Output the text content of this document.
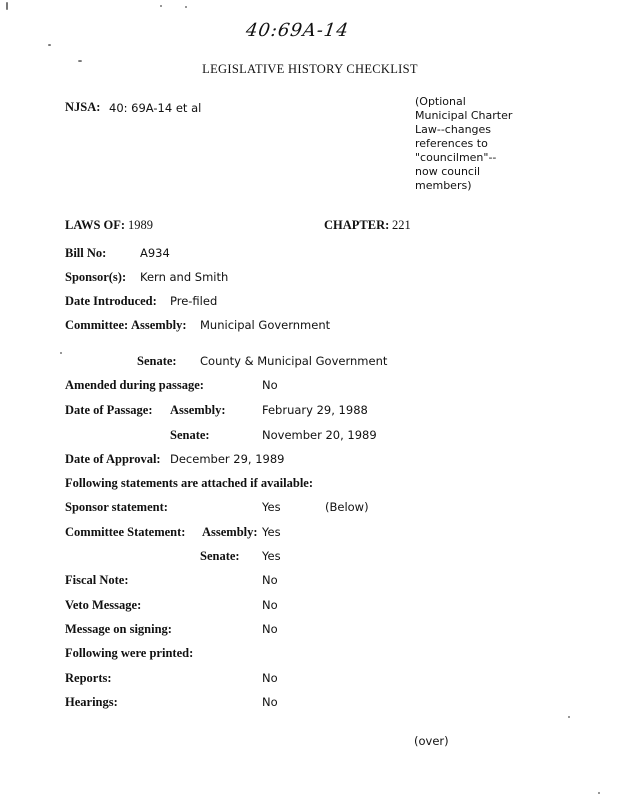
40:69A-14
LEGISLATIVE HISTORY CHECKLIST
NJSA: 40: 69A-14 et al	(Optional
Municipal Charter
Law--changes
references to
"councilmen"--
now council
members)
LAWS OF: 1989	CHAPTER: 221
Bill No:	A934
Sponsor(s): Kern and Smith
Date Introduced: Pre-filed
Committee: Assembly: Municipal Government
Senate: County & Municipal Government
Amended during passage:	No
Date of Passage: Assembly:	February 29, 1988
Senate:	November 20, 1989
Date of Approval: December 29, 1989
Following statements are attached if available:
Sponsor statement:	Yes	(Below)
Committee Statement: Assembly: Yes
Senate: Yes
Fiscal Note:	No
Veto Message:	No
Message on signing:	No
Following were printed:
Reports:	No
Hearings:	No
(over)
